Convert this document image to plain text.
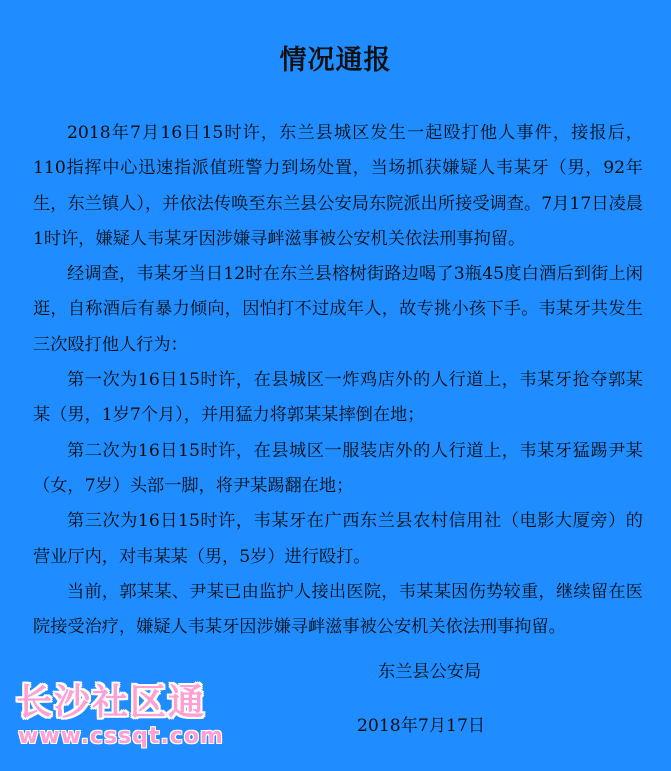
情况通报

2018年7月16日15时许，东兰县城区发生一起殴打他人事件，接报后，110指挥中心迅速指派值班警力到场处置，当场抓获嫌疑人韦某牙（男，92年生，东兰镇人），并依法传唤至东兰县公安局东院派出所接受调查。7月17日凌晨1时许，嫌疑人韦某牙因涉嫌寻衅滋事被公安机关依法刑事拘留。

经调查，韦某牙当日12时在东兰县榕树街路边喝了3瓶45度白酒后到街上闲逛，自称酒后有暴力倾向，因怕打不过成年人，故专挑小孩下手。韦某牙共发生三次殴打他人行为：

第一次为16日15时许，在县城区一炸鸡店外的人行道上，韦某牙抢夺郭某某（男，1岁7个月），并用猛力将郭某某摔倒在地；

第二次为16日15时许，在县城区一服装店外的人行道上，韦某牙猛踢尹某（女，7岁）头部一脚，将尹某踢翻在地；

第三次为16日15时许，韦某牙在广西东兰县农村信用社（电影大厦旁）的营业厅内，对韦某某（男，5岁）进行殴打。

当前，郭某某、尹某已由监护人接出医院，韦某某因伤势较重，继续留在医院接受治疗，嫌疑人韦某牙因涉嫌寻衅滋事被公安机关依法刑事拘留。

东兰县公安局
2018年7月17日
长沙社区通
www.cssqt.com
